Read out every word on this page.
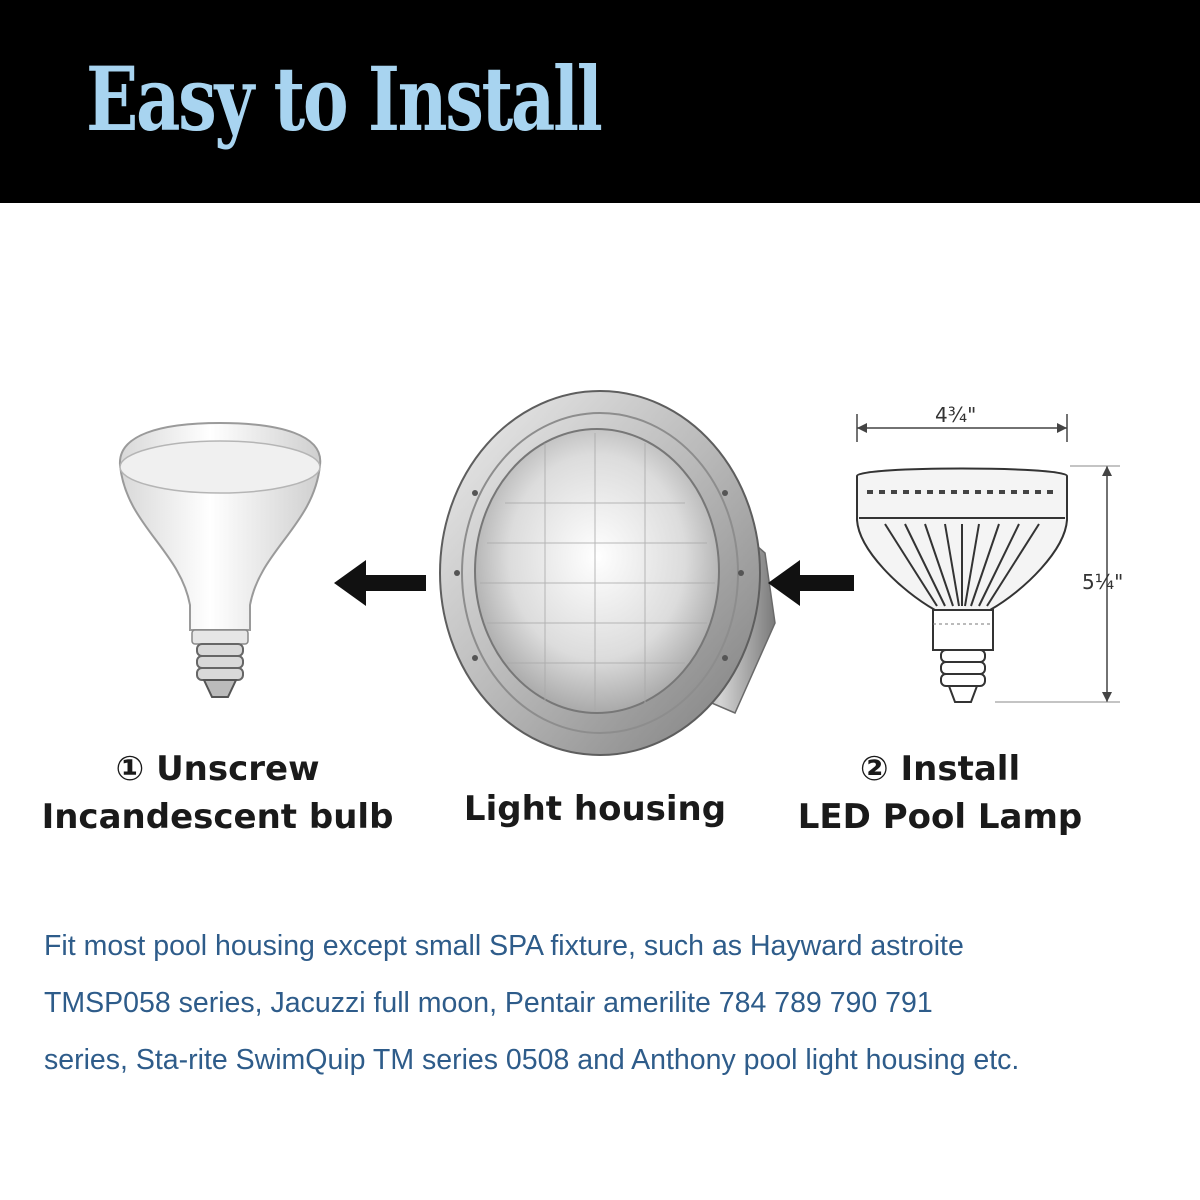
Easy to Install
4¾"
5¼"
① Unscrew
Incandescent bulb	Light housing
② Install
LED Pool Lamp
Fit most pool housing except small SPA fixture, such as Hayward astroite
TMSP058 series, Jacuzzi full moon, Pentair amerilite 784 789 790 791
series, Sta-rite SwimQuip TM series 0508 and Anthony pool light housing etc.
